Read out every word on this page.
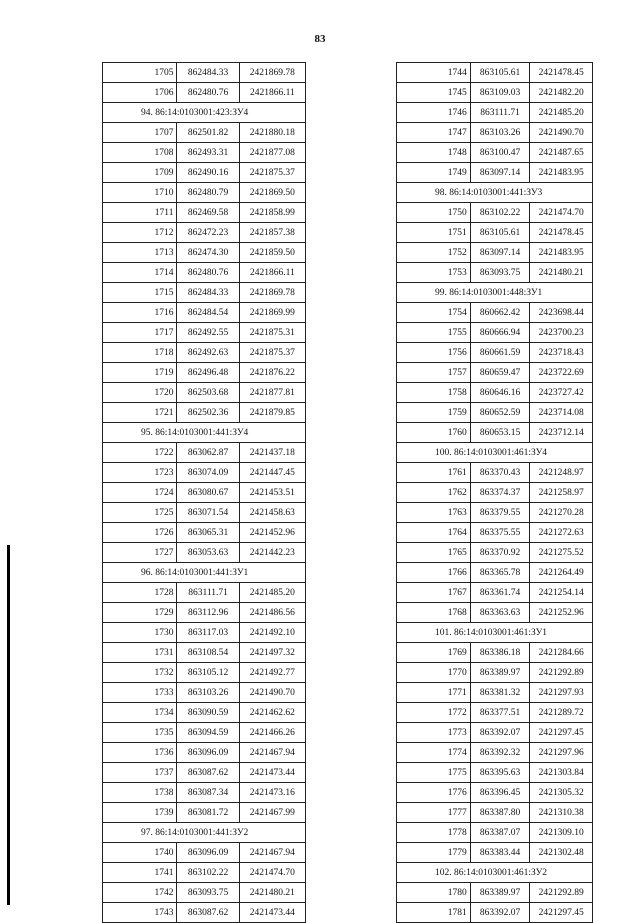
83
1705	862484.33	2421869.78
1706	862480.76	2421866.11
94. 86:14:0103001:423:ЗУ4		
1707	862501.82	2421880.18
1708	862493.31	2421877.08
1709	862490.16	2421875.37
1710	862480.79	2421869.50
1711	862469.58	2421858.99
1712	862472.23	2421857.38
1713	862474.30	2421859.50
1714	862480.76	2421866.11
1715	862484.33	2421869.78
1716	862484.54	2421869.99
1717	862492.55	2421875.31
1718	862492.63	2421875.37
1719	862496.48	2421876.22
1720	862503.68	2421877.81
1721	862502.36	2421879.85
95. 86:14:0103001:441:ЗУ4		
1722	863062.87	2421437.18
1723	863074.09	2421447.45
1724	863080.67	2421453.51
1725	863071.54	2421458.63
1726	863065.31	2421452.96
1727	863053.63	2421442.23
96. 86:14:0103001:441:ЗУ1		
1728	863111.71	2421485.20
1729	863112.96	2421486.56
1730	863117.03	2421492.10
1731	863108.54	2421497.32
1732	863105.12	2421492.77
1733	863103.26	2421490.70
1734	863090.59	2421462.62
1735	863094.59	2421466.26
1736	863096.09	2421467.94
1737	863087.62	2421473.44
1738	863087.34	2421473.16
1739	863081.72	2421467.99
97. 86:14:0103001:441:ЗУ2		
1740	863096.09	2421467.94
1741	863102.22	2421474.70
1742	863093.75	2421480.21
1743	863087.62	2421473.44
1744	863105.61	2421478.45
1745	863109.03	2421482.20
1746	863111.71	2421485.20
1747	863103.26	2421490.70
1748	863100.47	2421487.65
1749	863097.14	2421483.95
98. 86:14:0103001:441:ЗУ3		
1750	863102.22	2421474.70
1751	863105.61	2421478.45
1752	863097.14	2421483.95
1753	863093.75	2421480.21
99. 86:14:0103001:448:ЗУ1		
1754	860662.42	2423698.44
1755	860666.94	2423700.23
1756	860661.59	2423718.43
1757	860659.47	2423722.69
1758	860646.16	2423727.42
1759	860652.59	2423714.08
1760	860653.15	2423712.14
100. 86:14:0103001:461:ЗУ4		
1761	863370.43	2421248.97
1762	863374.37	2421258.97
1763	863379.55	2421270.28
1764	863375.55	2421272.63
1765	863370.92	2421275.52
1766	863365.78	2421264.49
1767	863361.74	2421254.14
1768	863363.63	2421252.96
101. 86:14:0103001:461:ЗУ1		
1769	863386.18	2421284.66
1770	863389.97	2421292.89
1771	863381.32	2421297.93
1772	863377.51	2421289.72
1773	863392.07	2421297.45
1774	863392.32	2421297.96
1775	863395.63	2421303.84
1776	863396.45	2421305.32
1777	863387.80	2421310.38
1778	863387.07	2421309.10
1779	863383.44	2421302.48
102. 86:14:0103001:461:ЗУ2		
1780	863389.97	2421292.89
1781	863392.07	2421297.45
